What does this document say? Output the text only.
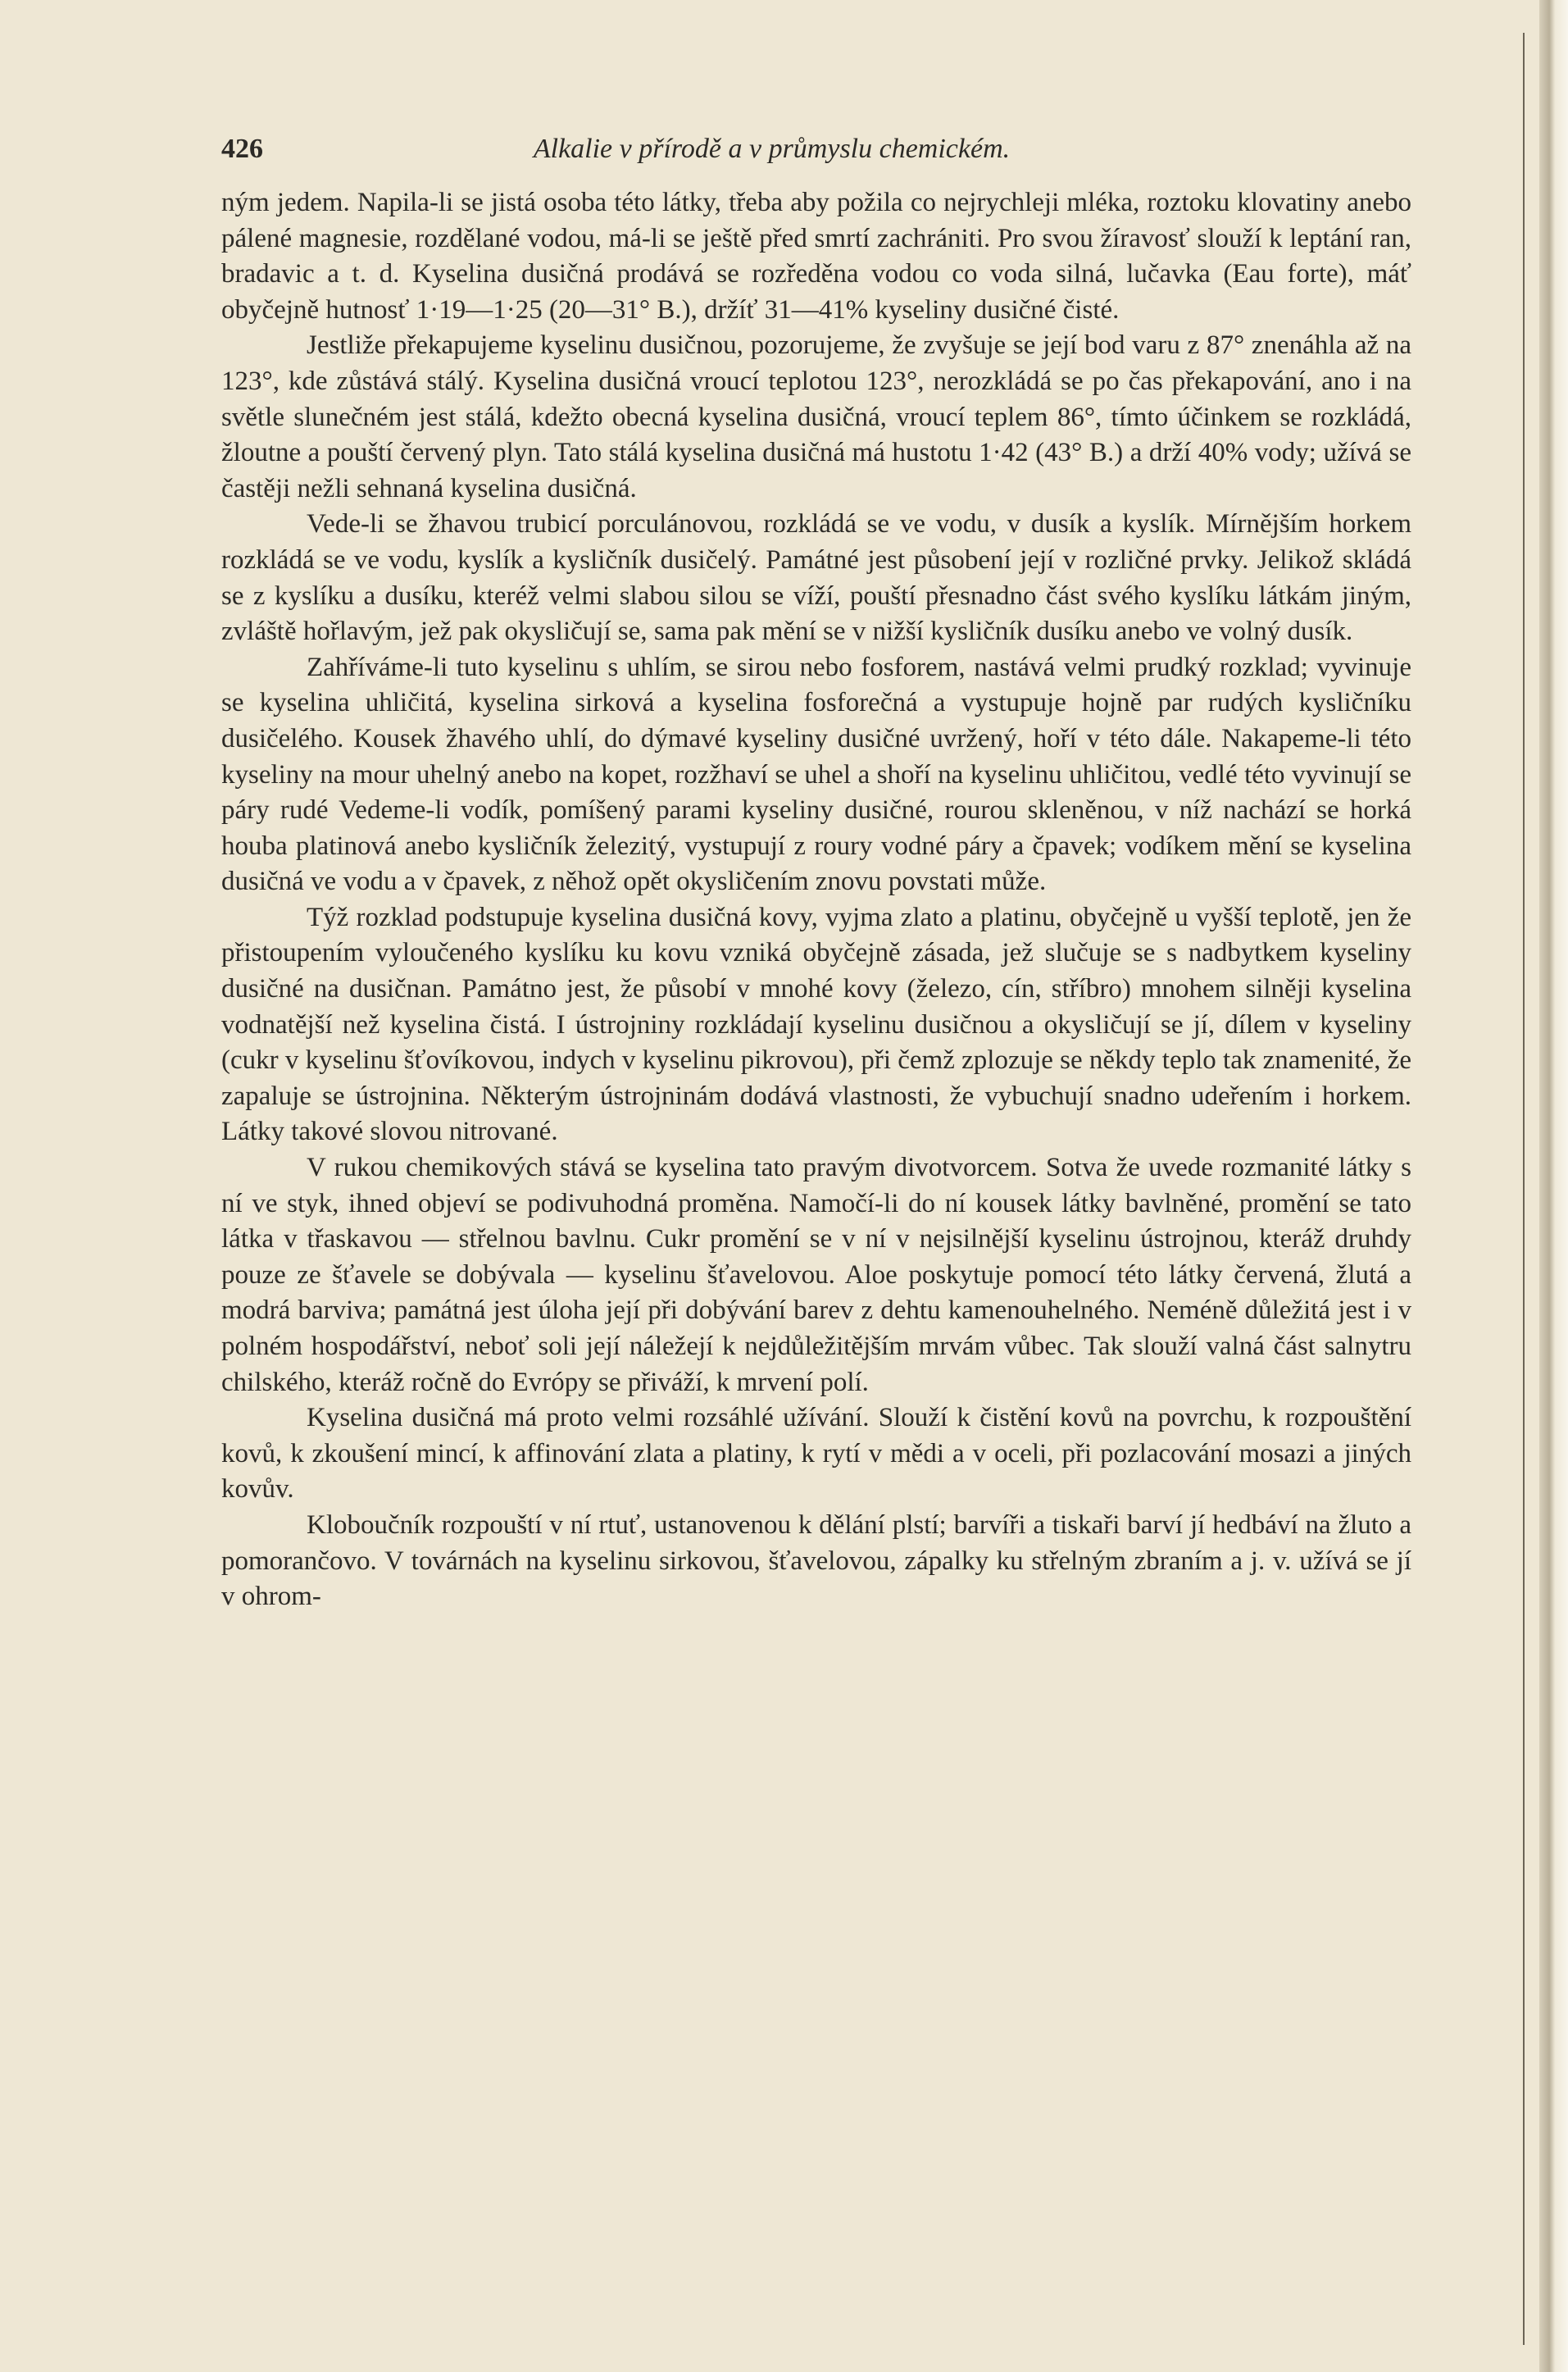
426	Alkalie v přírodě a v průmyslu chemickém.

ným jedem. Napila-li se jistá osoba této látky, třeba aby požila co nejrychleji mléka, roztoku klovatiny anebo pálené magnesie, rozdělané vodou, má-li se ještě před smrtí zachrániti. Pro svou žíravosť slouží k leptání ran, bradavic a t. d. Kyselina dusičná prodává se rozředěna vodou co voda silná, lučavka (Eau forte), máť obyčejně hutnosť 1·19—1·25 (20—31° B.), držíť 31—41% kyseliny dusičné čisté.

Jestliže překapujeme kyselinu dusičnou, pozorujeme, že zvyšuje se její bod varu z 87° znenáhla až na 123°, kde zůstává stálý. Kyselina dusičná vroucí teplotou 123°, nerozkládá se po čas překapování, ano i na světle slunečném jest stálá, kdežto obecná kyselina dusičná, vroucí teplem 86°, tímto účinkem se rozkládá, žloutne a pouští červený plyn. Tato stálá kyselina dusičná má hustotu 1·42 (43° B.) a drží 40% vody; užívá se častěji nežli sehnaná kyselina dusičná.

Vede-li se žhavou trubicí porculánovou, rozkládá se ve vodu, v dusík a kyslík. Mírnějším horkem rozkládá se ve vodu, kyslík a kysličník dusičelý. Památné jest působení její v rozličné prvky. Jelikož skládá se z kyslíku a dusíku, kteréž velmi slabou silou se víží, pouští přesnadno část svého kyslíku látkám jiným, zvláště hořlavým, jež pak okysličují se, sama pak mění se v nižší kysličník dusíku anebo ve volný dusík.

Zahříváme-li tuto kyselinu s uhlím, se sirou nebo fosforem, nastává velmi prudký rozklad; vyvinuje se kyselina uhličitá, kyselina sirková a kyselina fosforečná a vystupuje hojně par rudých kysličníku dusičelého. Kousek žhavého uhlí, do dýmavé kyseliny dusičné uvržený, hoří v této dále. Nakapeme-li této kyseliny na mour uhelný anebo na kopet, rozžhaví se uhel a shoří na kyselinu uhličitou, vedlé této vyvinují se páry rudé Vedeme-li vodík, pomíšený parami kyseliny dusičné, rourou skleněnou, v níž nachází se horká houba platinová anebo kysličník železitý, vystupují z roury vodné páry a čpavek; vodíkem mění se kyselina dusičná ve vodu a v čpavek, z něhož opět okysličením znovu povstati může.

Týž rozklad podstupuje kyselina dusičná kovy, vyjma zlato a platinu, obyčejně u vyšší teplotě, jen že přistoupením vyloučeného kyslíku ku kovu vzniká obyčejně zásada, jež slučuje se s nadbytkem kyseliny dusičné na dusičnan. Památno jest, že působí v mnohé kovy (železo, cín, stříbro) mnohem silněji kyselina vodnatější než kyselina čistá. I ústrojniny rozkládají kyselinu dusičnou a okysličují se jí, dílem v kyseliny (cukr v kyselinu šťovíkovou, indych v kyselinu pikrovou), při čemž zplozuje se někdy teplo tak znamenité, že zapaluje se ústrojnina. Některým ústrojninám dodává vlastnosti, že vybuchují snadno udeřením i horkem. Látky takové slovou nitrované.

V rukou chemikových stává se kyselina tato pravým divotvorcem. Sotva že uvede rozmanité látky s ní ve styk, ihned objeví se podivuhodná proměna. Namočí-li do ní kousek látky bavlněné, promění se tato látka v třaskavou — střelnou bavlnu. Cukr promění se v ní v nejsilnější kyselinu ústrojnou, kteráž druhdy pouze ze šťavele se dobývala — kyselinu šťavelovou. Aloe poskytuje pomocí této látky červená, žlutá a modrá barviva; památná jest úloha její při dobývání barev z dehtu kamenouhelného. Neméně důležitá jest i v polném hospodářství, neboť soli její náležejí k nejdůležitějším mrvám vůbec. Tak slouží valná část salnytru chilského, kteráž ročně do Evrópy se přiváží, k mrvení polí.

Kyselina dusičná má proto velmi rozsáhlé užívání. Slouží k čistění kovů na povrchu, k rozpouštění kovů, k zkoušení mincí, k affinování zlata a platiny, k rytí v mědi a v oceli, při pozlacování mosazi a jiných kovův.

Kloboučník rozpouští v ní rtuť, ustanovenou k dělání plstí; barvíři a tiskaři barví jí hedbáví na žluto a pomorančovo. V továrnách na kyselinu sirkovou, šťavelovou, zápalky ku střelným zbraním a j. v. užívá se jí v ohrom-
